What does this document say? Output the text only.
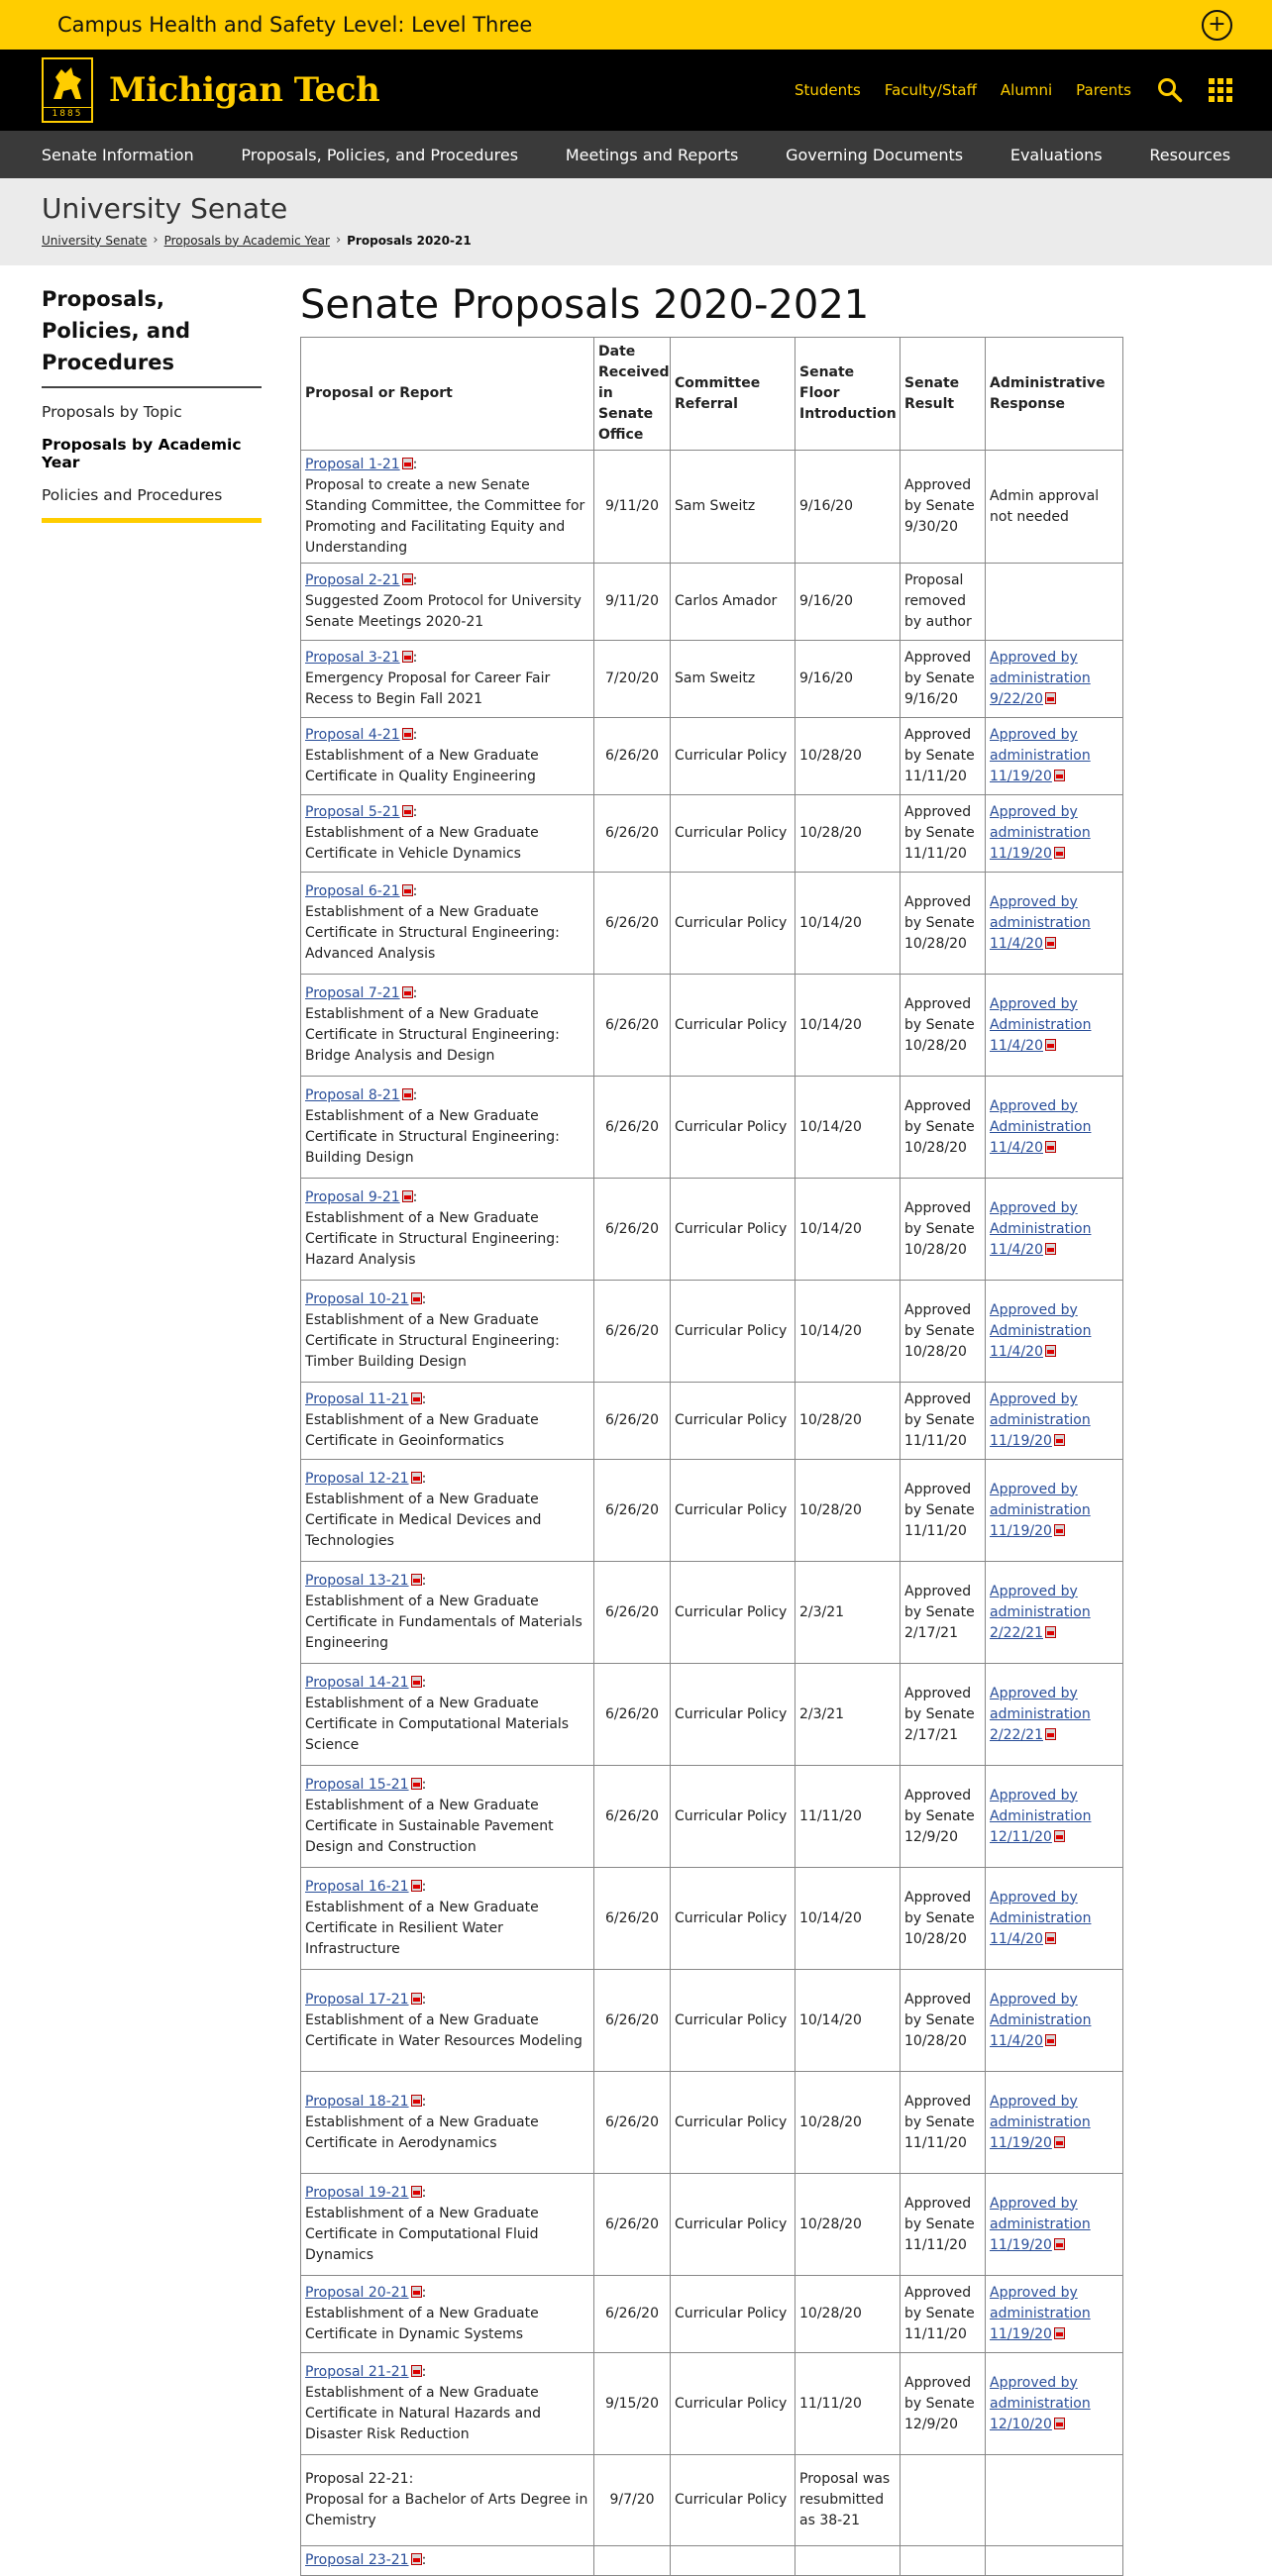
Campus Health and Safety Level: Level Three	+
1885
Michigan Tech	Students Faculty/Staff Alumni Parents
Senate Information	Proposals, Policies, and Procedures	Meetings and Reports	Governing Documents	Evaluations	Resources
University Senate
University Senate › Proposals by Academic Year › Proposals 2020-21
Proposals, Policies, and Procedures
Proposals by Topic
Proposals by Academic Year
Policies and Procedures
Senate Proposals 2020-2021
Proposal or Report	Date Received in Senate Office	Committee Referral	Senate Floor Introduction	Senate Result	Administrative Response
Proposal 1-21 :
Proposal to create a new Senate Standing Committee, the Committee for Promoting and Facilitating Equity and Understanding	9/11/20	Sam Sweitz	9/16/20	Approved by Senate 9/30/20	Admin approval not needed
Proposal 2-21 :
Suggested Zoom Protocol for University Senate Meetings 2020-21	9/11/20	Carlos Amador	9/16/20	Proposal removed by author	
Proposal 3-21 :
Emergency Proposal for Career Fair Recess to Begin Fall 2021	7/20/20	Sam Sweitz	9/16/20	Approved by Senate 9/16/20	Approved by administration 9/22/20
Proposal 4-21 :
Establishment of a New Graduate Certificate in Quality Engineering	6/26/20	Curricular Policy	10/28/20	Approved by Senate 11/11/20	Approved by administration 11/19/20
Proposal 5-21 :
Establishment of a New Graduate Certificate in Vehicle Dynamics	6/26/20	Curricular Policy	10/28/20	Approved by Senate 11/11/20	Approved by administration 11/19/20
Proposal 6-21 :
Establishment of a New Graduate Certificate in Structural Engineering: Advanced Analysis	6/26/20	Curricular Policy	10/14/20	Approved by Senate 10/28/20	Approved by administration 11/4/20
Proposal 7-21 :
Establishment of a New Graduate Certificate in Structural Engineering: Bridge Analysis and Design	6/26/20	Curricular Policy	10/14/20	Approved by Senate 10/28/20	Approved by Administration 11/4/20
Proposal 8-21 :
Establishment of a New Graduate Certificate in Structural Engineering: Building Design	6/26/20	Curricular Policy	10/14/20	Approved by Senate 10/28/20	Approved by Administration 11/4/20
Proposal 9-21 :
Establishment of a New Graduate Certificate in Structural Engineering: Hazard Analysis	6/26/20	Curricular Policy	10/14/20	Approved by Senate 10/28/20	Approved by Administration 11/4/20
Proposal 10-21 :
Establishment of a New Graduate Certificate in Structural Engineering: Timber Building Design	6/26/20	Curricular Policy	10/14/20	Approved by Senate 10/28/20	Approved by Administration 11/4/20
Proposal 11-21 :
Establishment of a New Graduate Certificate in Geoinformatics	6/26/20	Curricular Policy	10/28/20	Approved by Senate 11/11/20	Approved by administration 11/19/20
Proposal 12-21 :
Establishment of a New Graduate Certificate in Medical Devices and Technologies	6/26/20	Curricular Policy	10/28/20	Approved by Senate 11/11/20	Approved by administration 11/19/20
Proposal 13-21 :
Establishment of a New Graduate Certificate in Fundamentals of Materials Engineering	6/26/20	Curricular Policy	2/3/21	Approved by Senate 2/17/21	Approved by administration 2/22/21
Proposal 14-21 :
Establishment of a New Graduate Certificate in Computational Materials Science	6/26/20	Curricular Policy	2/3/21	Approved by Senate 2/17/21	Approved by administration 2/22/21
Proposal 15-21 :
Establishment of a New Graduate Certificate in Sustainable Pavement Design and Construction	6/26/20	Curricular Policy	11/11/20	Approved by Senate 12/9/20	Approved by Administration 12/11/20
Proposal 16-21 :
Establishment of a New Graduate Certificate in Resilient Water Infrastructure	6/26/20	Curricular Policy	10/14/20	Approved by Senate 10/28/20	Approved by Administration 11/4/20
Proposal 17-21 :
Establishment of a New Graduate Certificate in Water Resources Modeling	6/26/20	Curricular Policy	10/14/20	Approved by Senate 10/28/20	Approved by Administration 11/4/20
Proposal 18-21 :
Establishment of a New Graduate Certificate in Aerodynamics	6/26/20	Curricular Policy	10/28/20	Approved by Senate 11/11/20	Approved by administration 11/19/20
Proposal 19-21 :
Establishment of a New Graduate Certificate in Computational Fluid Dynamics	6/26/20	Curricular Policy	10/28/20	Approved by Senate 11/11/20	Approved by administration 11/19/20
Proposal 20-21 :
Establishment of a New Graduate Certificate in Dynamic Systems	6/26/20	Curricular Policy	10/28/20	Approved by Senate 11/11/20	Approved by administration 11/19/20
Proposal 21-21 :
Establishment of a New Graduate Certificate in Natural Hazards and Disaster Risk Reduction	9/15/20	Curricular Policy	11/11/20	Approved by Senate 12/9/20	Approved by administration 12/10/20
Proposal 22-21:
Proposal for a Bachelor of Arts Degree in Chemistry	9/7/20	Curricular Policy	Proposal was resubmitted as 38-21		
Proposal 23-21 :
